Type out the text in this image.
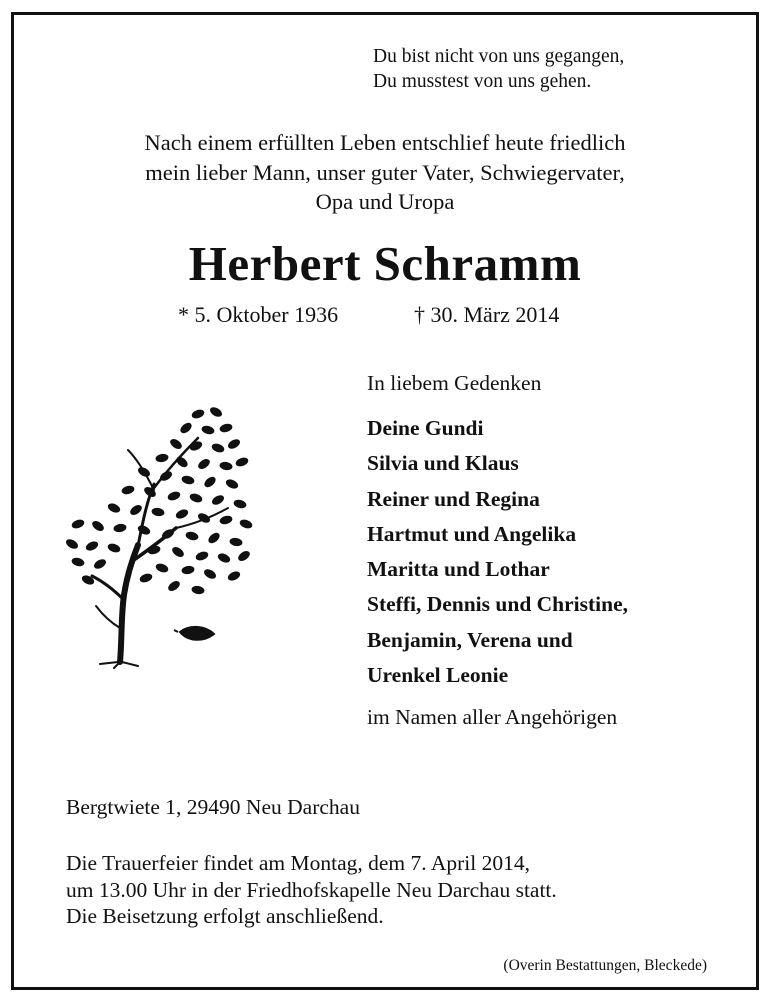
Du bist nicht von uns gegangen,
Du musstest von uns gehen.
Nach einem erfüllten Leben entschlief heute friedlich
mein lieber Mann, unser guter Vater, Schwiegervater,
Opa und Uropa
Herbert Schramm
* 5. Oktober 1936	† 30. März 2014
In liebem Gedenken
Deine Gundi
Silvia und Klaus
Reiner und Regina
Hartmut und Angelika
Maritta und Lothar
Steffi, Dennis und Christine,
Benjamin, Verena und
Urenkel Leonie
im Namen aller Angehörigen
Bergtwiete 1, 29490 Neu Darchau
Die Trauerfeier findet am Montag, dem 7. April 2014,
um 13.00 Uhr in der Friedhofskapelle Neu Darchau statt.
Die Beisetzung erfolgt anschließend.
(Overin Bestattungen, Bleckede)
